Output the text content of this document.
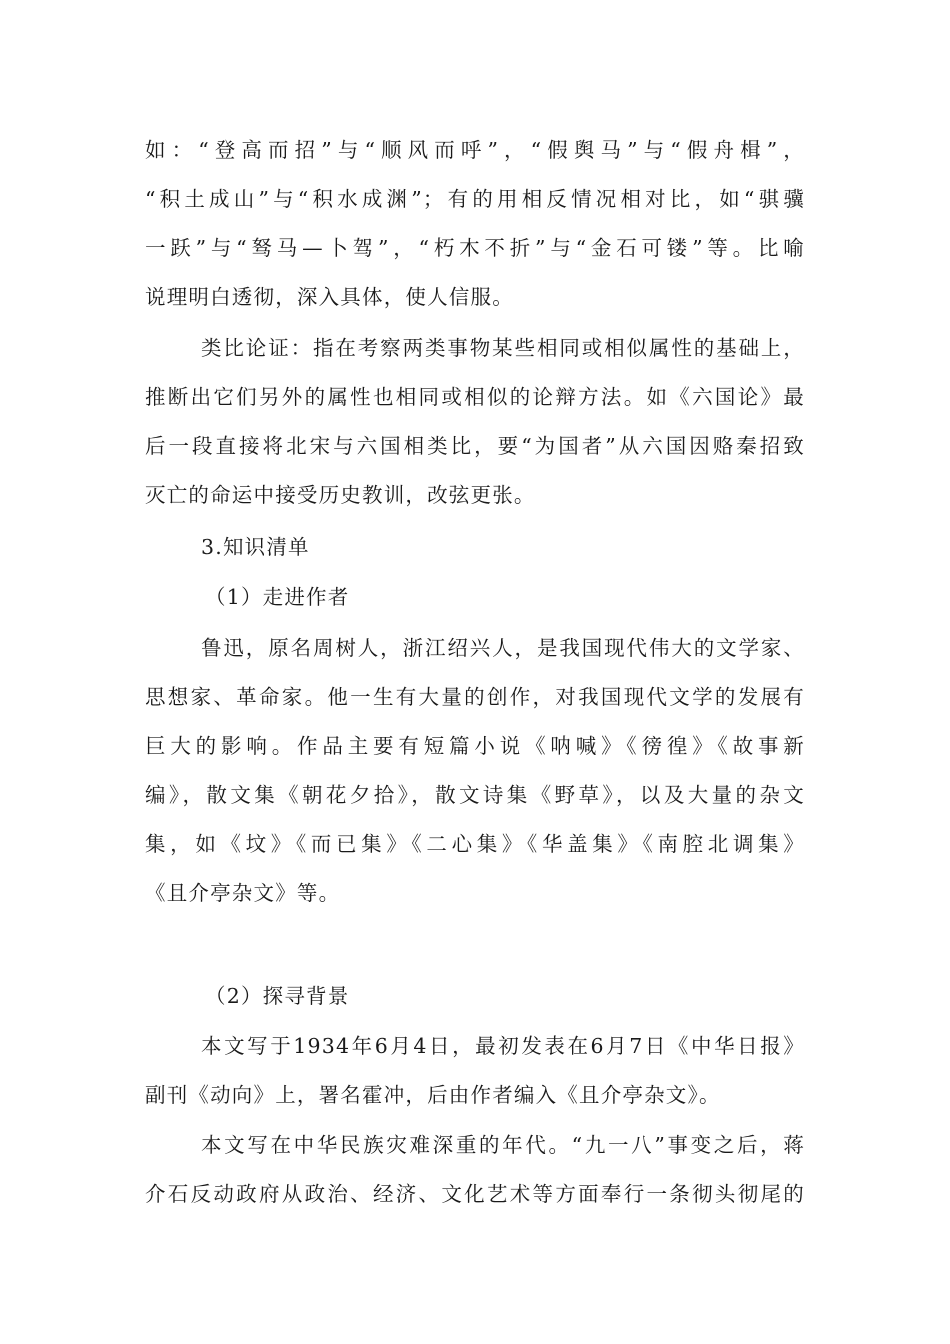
如：“登高而招”与“顺风而呼”，“假舆马”与“假舟楫”，
“积土成山”与“积水成渊”；有的用相反情况相对比，如“骐骥
一跃”与“驽马—卜驾”，“朽木不折”与“金石可镂”等。比喻
说理明白透彻，深入具体，使人信服。
类比论证：指在考察两类事物某些相同或相似属性的基础上，
推断出它们另外的属性也相同或相似的论辩方法。如《六国论》最
后一段直接将北宋与六国相类比，要“为国者”从六国因赂秦招致
灭亡的命运中接受历史教训，改弦更张。
3.知识清单
（1）走进作者
鲁迅，原名周树人，浙江绍兴人，是我国现代伟大的文学家、
思想家、革命家。他一生有大量的创作，对我国现代文学的发展有
巨大的影响。作品主要有短篇小说《呐喊》《徬徨》《故事新
编》，散文集《朝花夕拾》，散文诗集《野草》，以及大量的杂文
集，如《坟》《而已集》《二心集》《华盖集》《南腔北调集》
《且介亭杂文》等。
（2）探寻背景
本文写于1934年6月4日，最初发表在6月7日《中华日报》
副刊《动向》上，署名霍冲，后由作者编入《且介亭杂文》。
本文写在中华民族灾难深重的年代。“九一八”事变之后，蒋
介石反动政府从政治、经济、文化艺术等方面奉行一条彻头彻尾的
